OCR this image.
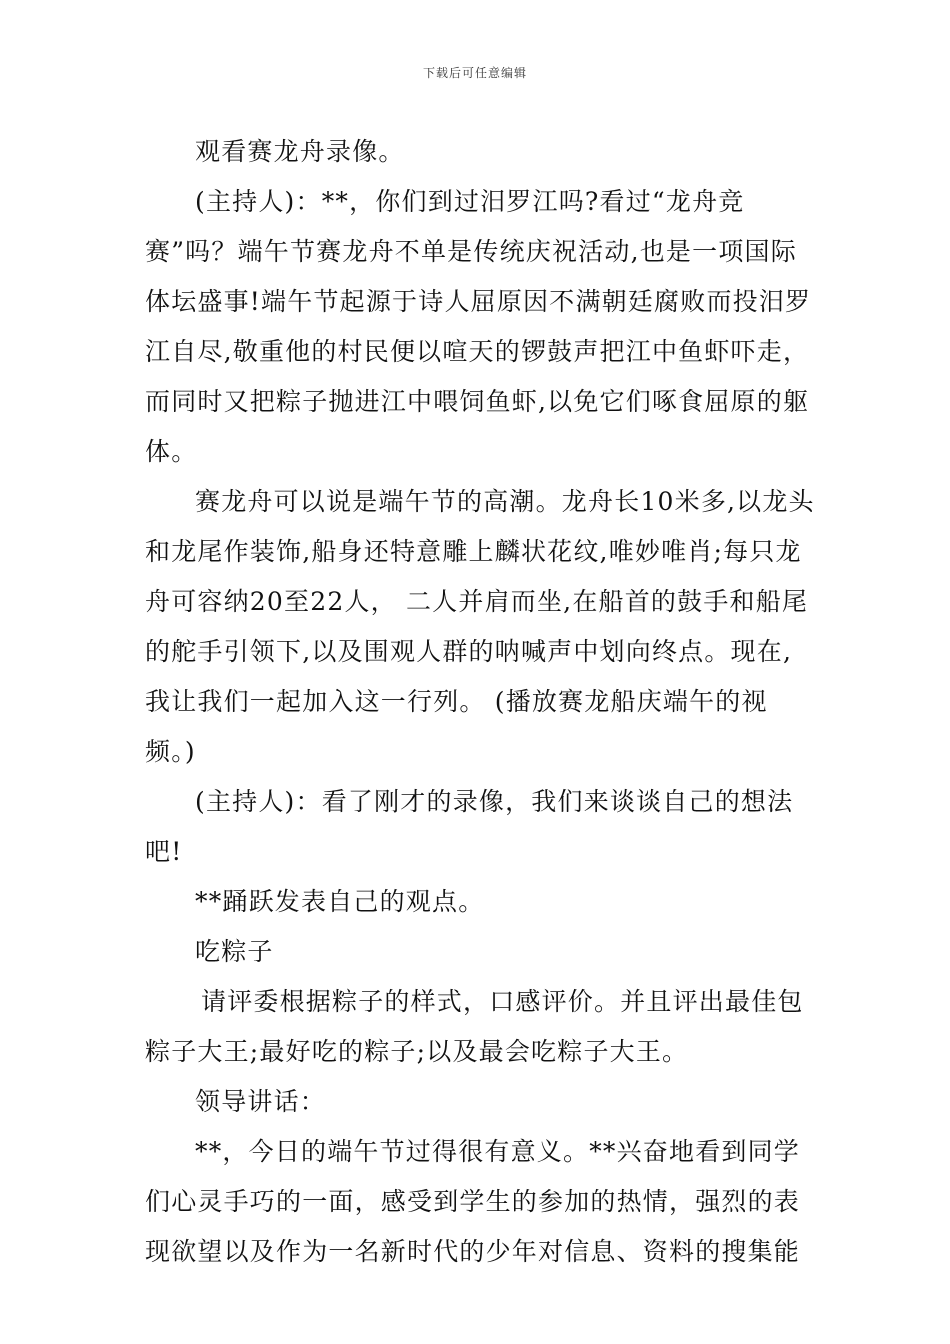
下载后可任意编辑

观看赛龙舟录像。

(主持人)：**，你们到过汨罗江吗?看过“龙舟竞赛”吗？端午节赛龙舟不单是传统庆祝活动,也是一项国际体坛盛事!端午节起源于诗人屈原因不满朝廷腐败而投汨罗江自尽,敬重他的村民便以喧天的锣鼓声把江中鱼虾吓走，而同时又把粽子抛进江中喂饲鱼虾,以免它们啄食屈原的躯体。

赛龙舟可以说是端午节的高潮。龙舟长10米多,以龙头和龙尾作装饰,船身还特意雕上麟状花纹,唯妙唯肖;每只龙舟可容纳20至22人， 二人并肩而坐,在船首的鼓手和船尾的舵手引领下,以及围观人群的呐喊声中划向终点。现在,我让我们一起加入这一行列。 (播放赛龙船庆端午的视频。)

(主持人)：看了刚才的录像，我们来谈谈自己的想法吧!

**踊跃发表自己的观点。

吃粽子

请评委根据粽子的样式，口感评价。并且评出最佳包粽子大王;最好吃的粽子;以及最会吃粽子大王。

领导讲话：

**，今日的端午节过得很有意义。**兴奋地看到同学们心灵手巧的一面，感受到学生的参加的热情，强烈的表现欲望以及作为一名新时代的少年对信息、资料的搜集能
